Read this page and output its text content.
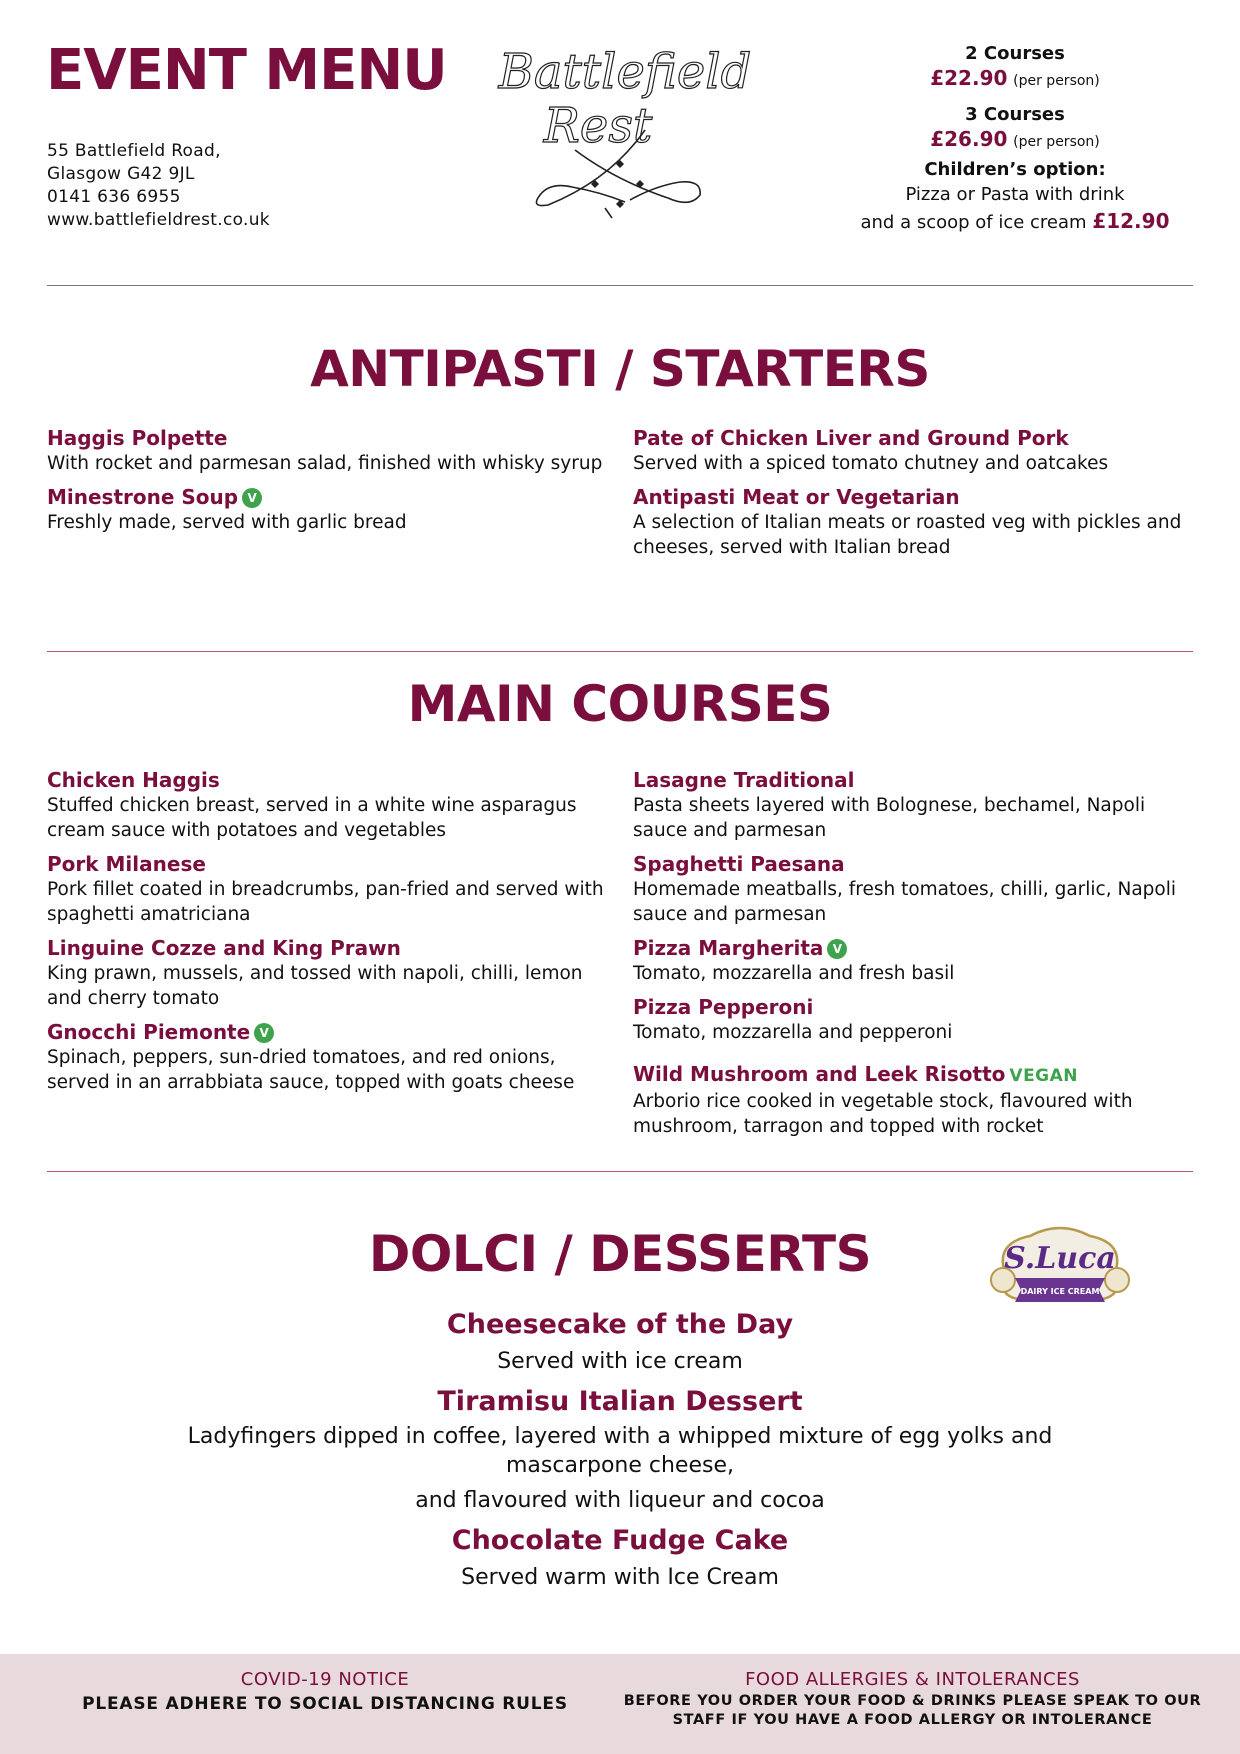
EVENT MENU
55 Battlefield Road,
Glasgow G42 9JL
0141 636 6955
www.battlefieldrest.co.uk
Battlefield
Rest
2 Courses
£22.90 (per person)
3 Courses
£26.90 (per person)
Children’s option:
Pizza or Pasta with drink
and a scoop of ice cream £12.90
ANTIPASTI / STARTERS
Haggis Polpette
With rocket and parmesan salad, finished with whisky syrup
Minestrone Soup V
Freshly made, served with garlic bread
Pate of Chicken Liver and Ground Pork
Served with a spiced tomato chutney and oatcakes
Antipasti Meat or Vegetarian
A selection of Italian meats or roasted veg with pickles and cheeses, served with Italian bread
MAIN COURSES
Chicken Haggis
Stuffed chicken breast, served in a white wine asparagus cream sauce with potatoes and vegetables
Pork Milanese
Pork fillet coated in breadcrumbs, pan-fried and served with spaghetti amatriciana
Linguine Cozze and King Prawn
King prawn, mussels, and tossed with napoli, chilli, lemon and cherry tomato
Gnocchi Piemonte V
Spinach, peppers, sun-dried tomatoes, and red onions, served in an arrabbiata sauce, topped with goats cheese
Lasagne Traditional
Pasta sheets layered with Bolognese, bechamel, Napoli sauce and parmesan
Spaghetti Paesana
Homemade meatballs, fresh tomatoes, chilli, garlic, Napoli sauce and parmesan
Pizza Margherita V
Tomato, mozzarella and fresh basil
Pizza Pepperoni
Tomato, mozzarella and pepperoni
Wild Mushroom and Leek Risotto VEGAN
Arborio rice cooked in vegetable stock, flavoured with mushroom, tarragon and topped with rocket
DOLCI / DESSERTS	S.Luca
DAIRY ICE CREAM
Cheesecake of the Day
Served with ice cream
Tiramisu Italian Dessert
Ladyfingers dipped in coffee, layered with a whipped mixture of egg yolks and
mascarpone cheese,
and flavoured with liqueur and cocoa
Chocolate Fudge Cake
Served warm with Ice Cream
COVID-19 NOTICE
PLEASE ADHERE TO SOCIAL DISTANCING RULES
FOOD ALLERGIES & INTOLERANCES
BEFORE YOU ORDER YOUR FOOD & DRINKS PLEASE SPEAK TO OUR
STAFF IF YOU HAVE A FOOD ALLERGY OR INTOLERANCE
